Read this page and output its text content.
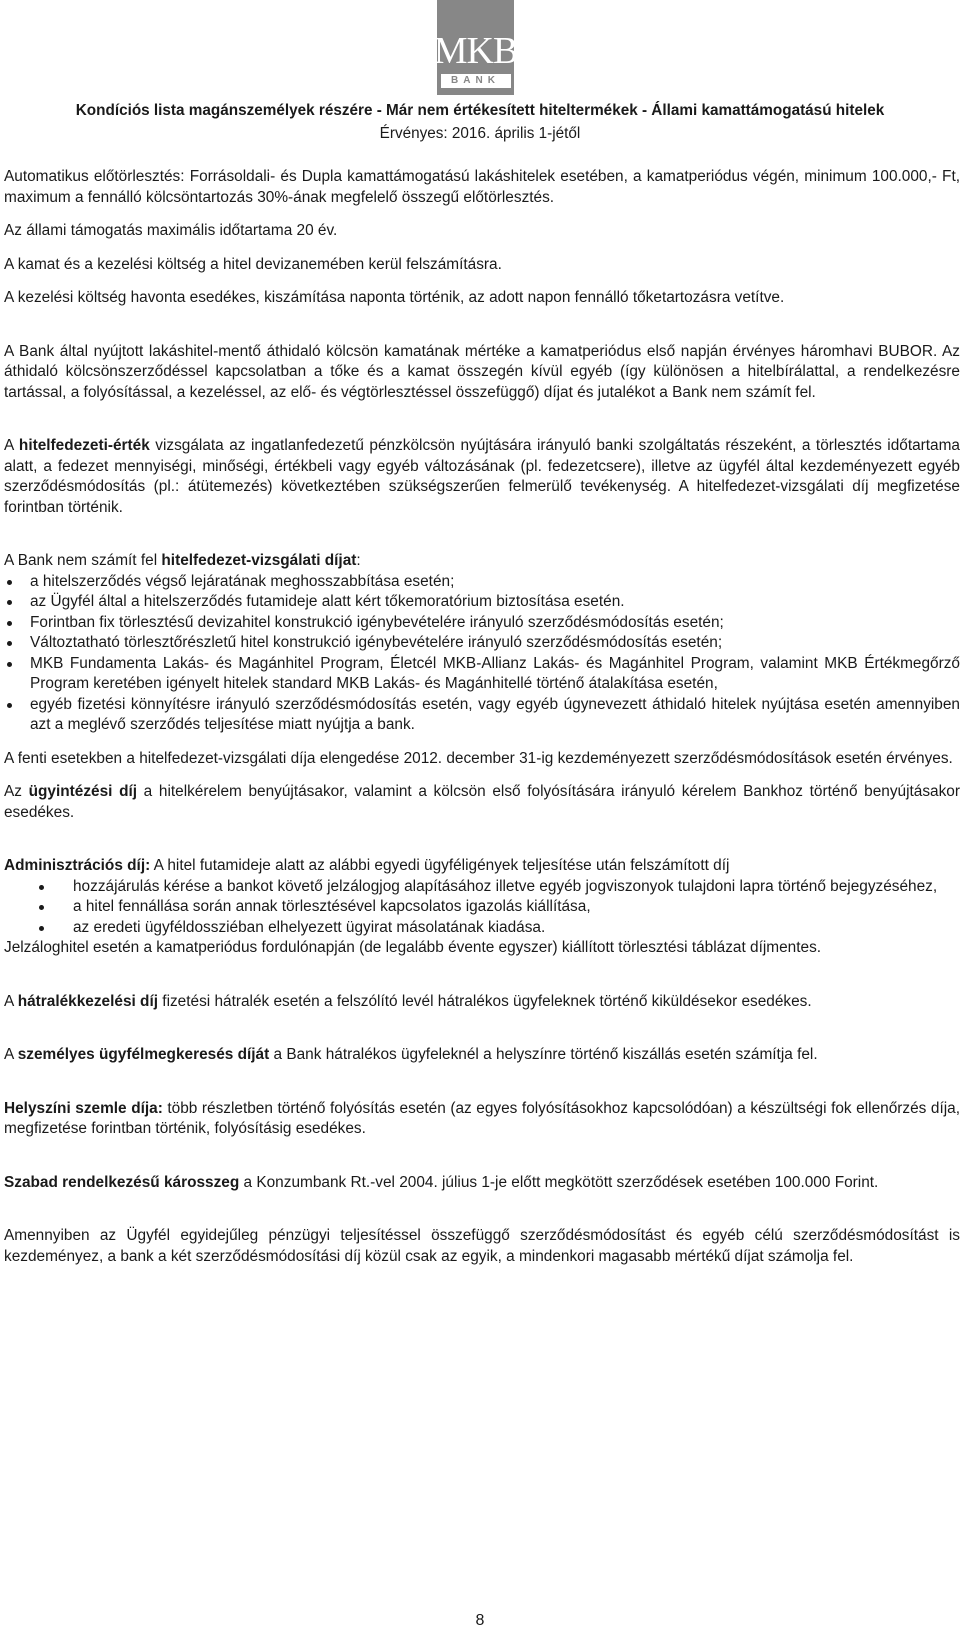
MKB
BANK
Kondíciós lista magánszemélyek részére - Már nem értékesített hiteltermékek - Állami kamattámogatású hitelek
Érvényes: 2016. április 1-jétől

Automatikus előtörlesztés: Forrásoldali- és Dupla kamattámogatású lakáshitelek esetében, a kamatperiódus végén, minimum 100.000,- Ft, maximum a fennálló kölcsöntartozás 30%-ának megfelelő összegű előtörlesztés.

Az állami támogatás maximális időtartama 20 év.

A kamat és a kezelési költség a hitel devizanemében kerül felszámításra.

A kezelési költség havonta esedékes, kiszámítása naponta történik, az adott napon fennálló tőketartozásra vetítve.

A Bank által nyújtott lakáshitel-mentő áthidaló kölcsön kamatának mértéke a kamatperiódus első napján érvényes háromhavi BUBOR. Az áthidaló kölcsönszerződéssel kapcsolatban a tőke és a kamat összegén kívül egyéb (így különösen a hitelbírálattal, a rendelkezésre tartással, a folyósítással, a kezeléssel, az elő- és végtörlesztéssel összefüggő) díjat és jutalékot a Bank nem számít fel.

A hitelfedezeti-érték vizsgálata az ingatlanfedezetű pénzkölcsön nyújtására irányuló banki szolgáltatás részeként, a törlesztés időtartama alatt, a fedezet mennyiségi, minőségi, értékbeli vagy egyéb változásának (pl. fedezetcsere), illetve az ügyfél által kezdeményezett egyéb szerződésmódosítás (pl.: átütemezés) következtében szükségszerűen felmerülő tevékenység. A hitelfedezet-vizsgálati díj megfizetése forintban történik.

A Bank nem számít fel hitelfedezet-vizsgálati díjat:

a hitelszerződés végső lejáratának meghosszabbítása esetén;
az Ügyfél által a hitelszerződés futamideje alatt kért tőkemoratórium biztosítása esetén.
Forintban fix törlesztésű devizahitel konstrukció igénybevételére irányuló szerződésmódosítás esetén;
Változtatható törlesztőrészletű hitel konstrukció igénybevételére irányuló szerződésmódosítás esetén;
MKB Fundamenta Lakás- és Magánhitel Program, Életcél MKB-Allianz Lakás- és Magánhitel Program, valamint MKB Értékmegőrző Program keretében igényelt hitelek standard MKB Lakás- és Magánhitellé történő átalakítása esetén,
egyéb fizetési könnyítésre irányuló szerződésmódosítás esetén, vagy egyéb úgynevezett áthidaló hitelek nyújtása esetén amennyiben azt a meglévő szerződés teljesítése miatt nyújtja a bank.

A fenti esetekben a hitelfedezet-vizsgálati díja elengedése 2012. december 31-ig kezdeményezett szerződésmódosítások esetén érvényes.

Az ügyintézési díj a hitelkérelem benyújtásakor, valamint a kölcsön első folyósítására irányuló kérelem Bankhoz történő benyújtásakor esedékes.

Adminisztrációs díj: A hitel futamideje alatt az alábbi egyedi ügyféligények teljesítése után felszámított díj

hozzájárulás kérése a bankot követő jelzálogjog alapításához illetve egyéb jogviszonyok tulajdoni lapra történő bejegyzéséhez,
a hitel fennállása során annak törlesztésével kapcsolatos igazolás kiállítása,
az eredeti ügyféldossziéban elhelyezett ügyirat másolatának kiadása.

Jelzáloghitel esetén a kamatperiódus fordulónapján (de legalább évente egyszer) kiállított törlesztési táblázat díjmentes.

A hátralékkezelési díj fizetési hátralék esetén a felszólító levél hátralékos ügyfeleknek történő kiküldésekor esedékes.

A személyes ügyfélmegkeresés díját a Bank hátralékos ügyfeleknél a helyszínre történő kiszállás esetén számítja fel.

Helyszíni szemle díja: több részletben történő folyósítás esetén (az egyes folyósításokhoz kapcsolódóan) a készültségi fok ellenőrzés díja, megfizetése forintban történik, folyósításig esedékes.

Szabad rendelkezésű károsszeg a Konzumbank Rt.-vel 2004. július 1-je előtt megkötött szerződések esetében 100.000 Forint.

Amennyiben az Ügyfél egyidejűleg pénzügyi teljesítéssel összefüggő szerződésmódosítást és egyéb célú szerződésmódosítást is kezdeményez, a bank a két szerződésmódosítási díj közül csak az egyik, a mindenkori magasabb mértékű díjat számolja fel.

8
